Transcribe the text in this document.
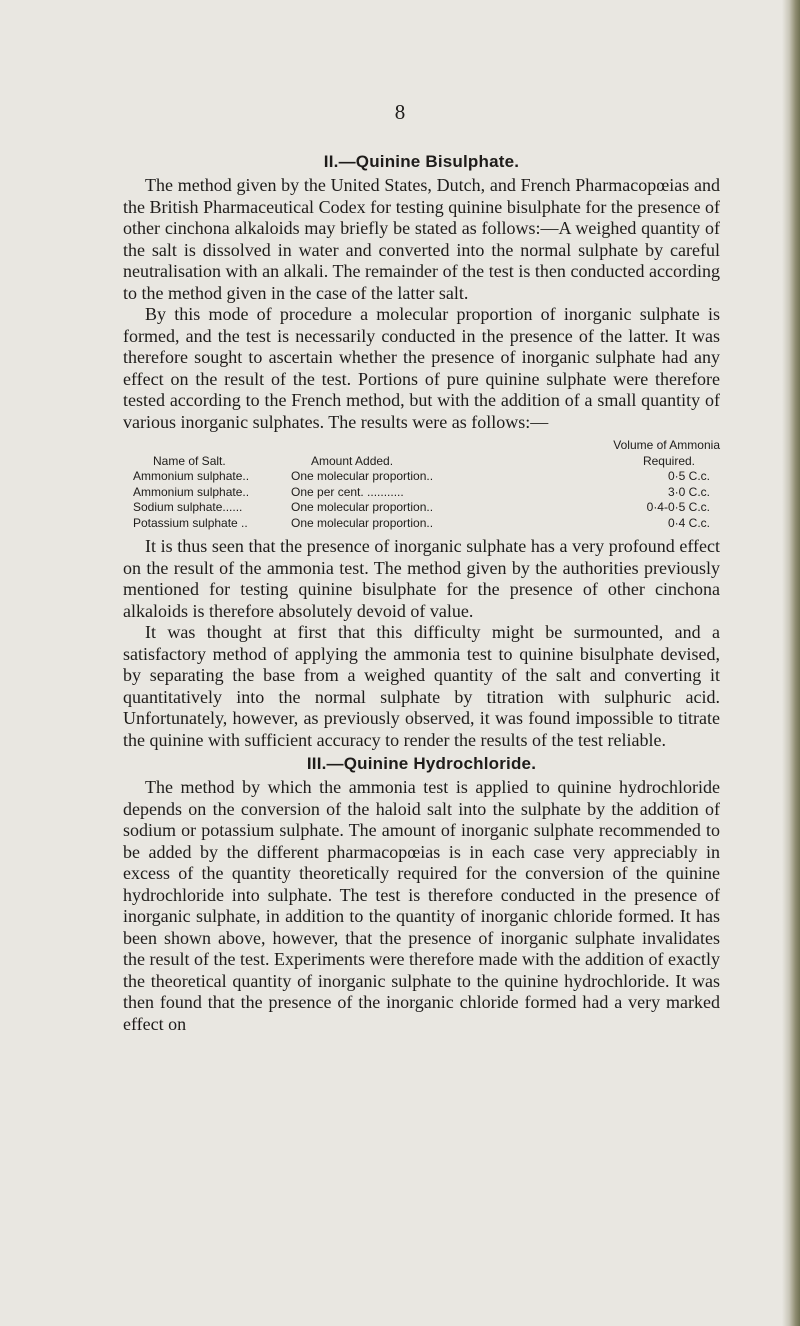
8
II.—Quinine Bisulphate.

The method given by the United States, Dutch, and French Pharmacopœias and the British Pharmaceutical Codex for testing quinine bisulphate for the presence of other cinchona alkaloids may briefly be stated as follows:—A weighed quantity of the salt is dissolved in water and converted into the normal sulphate by careful neutralisation with an alkali. The remainder of the test is then conducted according to the method given in the case of the latter salt.

By this mode of procedure a molecular proportion of inorganic sulphate is formed, and the test is necessarily conducted in the presence of the latter. It was therefore sought to ascertain whether the presence of inorganic sulphate had any effect on the result of the test. Portions of pure quinine sulphate were therefore tested according to the French method, but with the addition of a small quantity of various inorganic sulphates. The results were as follows:—

Volume of Ammonia
Name of Salt.	Amount Added.	Required.
Ammonium sulphate..	One molecular proportion..	0·5 C.c.
Ammonium sulphate..	One per cent. ...........	3·0 C.c.
Sodium sulphate......	One molecular proportion..	0·4-0·5 C.c.
Potassium sulphate ..	One molecular proportion..	0·4 C.c.

It is thus seen that the presence of inorganic sulphate has a very profound effect on the result of the ammonia test. The method given by the authorities previously mentioned for testing quinine bisulphate for the presence of other cinchona alkaloids is therefore absolutely devoid of value.

It was thought at first that this difficulty might be surmounted, and a satisfactory method of applying the ammonia test to quinine bisulphate devised, by separating the base from a weighed quantity of the salt and converting it quantitatively into the normal sulphate by titration with sulphuric acid. Unfortunately, however, as previously observed, it was found impossible to titrate the quinine with sufficient accuracy to render the results of the test reliable.

III.—Quinine Hydrochloride.

The method by which the ammonia test is applied to quinine hydrochloride depends on the conversion of the haloid salt into the sulphate by the addition of sodium or potassium sulphate. The amount of inorganic sulphate recommended to be added by the different pharmacopœias is in each case very appreciably in excess of the quantity theoretically required for the conversion of the quinine hydrochloride into sulphate. The test is therefore conducted in the presence of inorganic sulphate, in addition to the quantity of inorganic chloride formed. It has been shown above, however, that the presence of inorganic sulphate invalidates the result of the test. Experiments were therefore made with the addition of exactly the theoretical quantity of inorganic sulphate to the quinine hydrochloride. It was then found that the presence of the inorganic chloride formed had a very marked effect on
